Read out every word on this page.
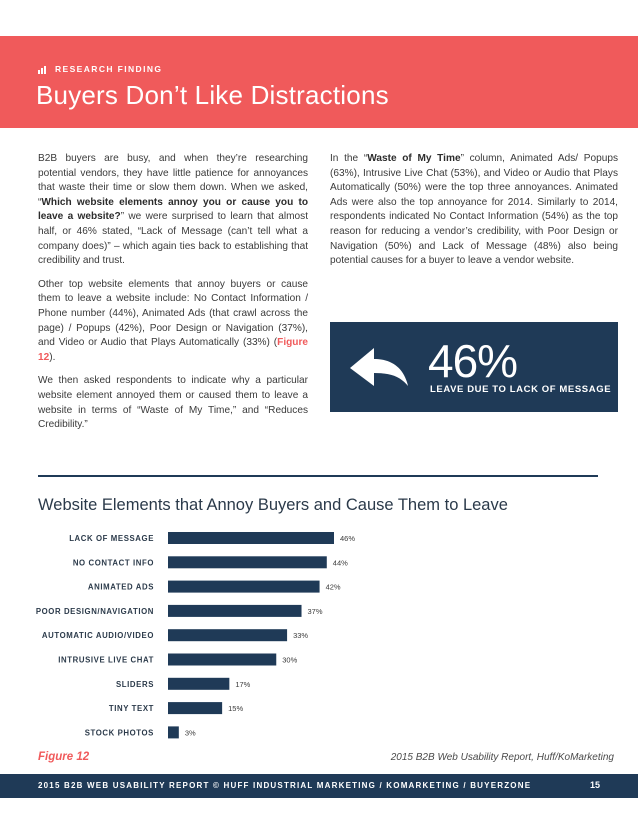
RESEARCH FINDING
Buyers Don’t Like Distractions

B2B buyers are busy, and when they’re researching potential vendors, they have little patience for annoyances that waste their time or slow them down. When we asked, “Which website elements annoy you or cause you to leave a website?” we were surprised to learn that almost half, or 46% stated, “Lack of Message (can’t tell what a company does)” – which again ties back to establishing that credibility and trust.

Other top website elements that annoy buyers or cause them to leave a website include: No Contact Information / Phone number (44%), Animated Ads (that crawl across the page) / Popups (42%), Poor Design or Navigation (37%), and Video or Audio that Plays Automatically (33%) (Figure 12).

We then asked respondents to indicate why a particular website element annoyed them or caused them to leave a website in terms of “Waste of My Time,” and “Reduces Credibility.”

In the “Waste of My Time” column, Animated Ads/ Popups (63%), Intrusive Live Chat (53%), and Video or Audio that Plays Automatically (50%) were the top three annoyances. Animated Ads were also the top annoyance for 2014. Similarly to 2014, respondents indicated No Contact Information (54%) as the top reason for reducing a vendor’s credibility, with Poor Design or Navigation (50%) and Lack of Message (48%) also being potential causes for a buyer to leave a vendor website.

46%
LEAVE DUE TO LACK OF MESSAGE
Website Elements that Annoy Buyers and Cause Them to Leave
LACK OF MESSAGE	46%
NO CONTACT INFO	44%
ANIMATED ADS	42%
POOR DESIGN/NAVIGATION	37%
AUTOMATIC AUDIO/VIDEO	33%
INTRUSIVE LIVE CHAT	30%
SLIDERS	17%
TINY TEXT	15%
STOCK PHOTOS	3%
Figure 12	2015 B2B Web Usability Report, Huff/KoMarketing
2015 B2B WEB USABILITY REPORT © HUFF INDUSTRIAL MARKETING / KOMARKETING / BUYERZONE	15
